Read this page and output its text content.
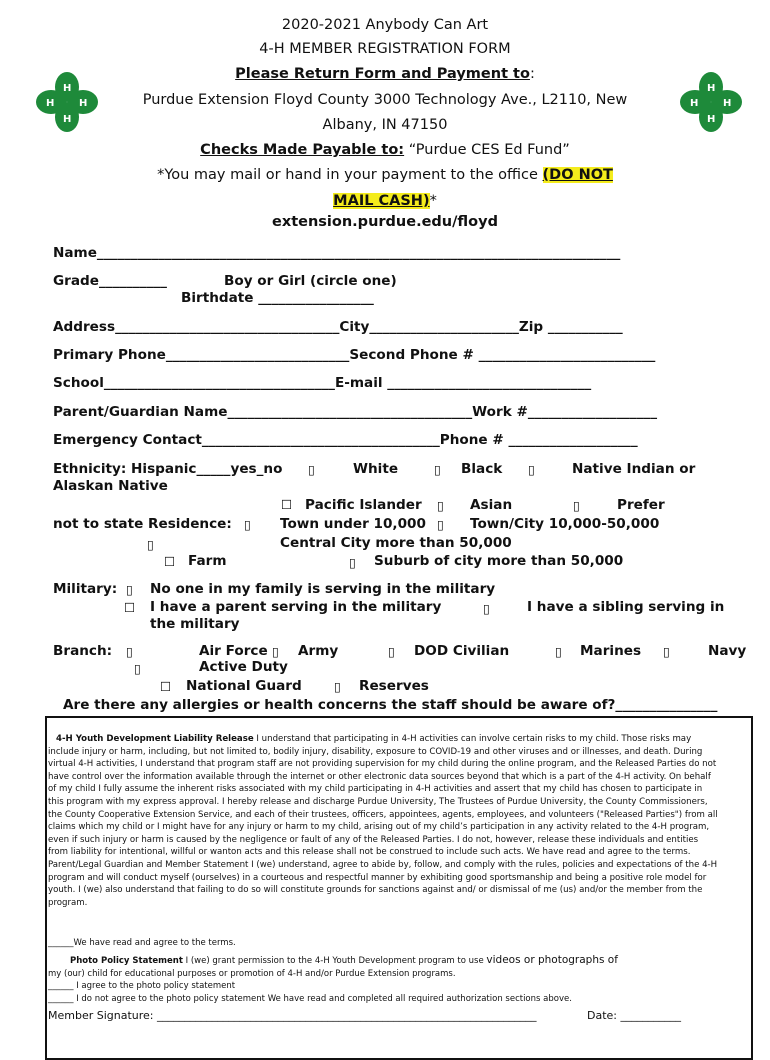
H
H
H H
H
H
H H
2020-2021 Anybody Can Art
4-H MEMBER REGISTRATION FORM
Please Return Form and Payment to:
Purdue Extension Floyd County 3000 Technology Ave., L2110, New
Albany, IN 47150
Checks Made Payable to: “Purdue CES Ed Fund”
*You may mail or hand in your payment to the office (DO NOT
MAIL CASH)*
extension.purdue.edu/floyd
Name_____________________________________________________________________________
Grade__________	Boy or Girl (circle one)
Birthdate _________________
Address_________________________________City______________________Zip ___________
Primary Phone___________________________Second Phone # __________________________
School__________________________________E-mail ______________________________
Parent/Guardian Name____________________________________Work #___________________
Emergency Contact___________________________________Phone # ___________________
Ethnicity: Hispanic_____yes_no ▯	White	▯ Black ▯	Native Indian or
Alaskan Native
☐ Pacific Islander ▯ Asian	▯	Prefer
not to state Residence: ▯ Town under 10,000 ▯ Town/City 10,000-50,000
▯	Central City more than 50,000
☐ Farm	▯ Suburb of city more than 50,000
Military: ▯ No one in my family is serving in the military
☐ I have a parent serving in the military	▯	I have a sibling serving in
the military
Branch: ▯	Air Force ▯ Army	▯ DOD Civilian	▯ Marines ▯	Navy
▯	Active Duty
☐ National Guard	▯ Reserves
Are there any allergies or health concerns the staff should be aware of?_______________
4-H Youth Development Liability Release I understand that participating in 4-H activities can involve certain risks to my child. Those risks may include injury or harm, including, but not limited to, bodily injury, disability, exposure to COVID-19 and other viruses and or illnesses, and death. During virtual 4-H activities, I understand that program staff are not providing supervision for my child during the online program, and the Released Parties do not have control over the information available through the internet or other electronic data sources beyond that which is a part of the 4-H activity. On behalf of my child I fully assume the inherent risks associated with my child participating in 4-H activities and assert that my child has chosen to participate in this program with my express approval. I hereby release and discharge Purdue University, The Trustees of Purdue University, the County Commissioners, the County Cooperative Extension Service, and each of their trustees, officers, appointees, agents, employees, and volunteers ("Released Parties") from all claims which my child or I might have for any injury or harm to my child, arising out of my child’s participation in any activity related to the 4-H program, even if such injury or harm is caused by the negligence or fault of any of the Released Parties. I do not, however, release these individuals and entities from liability for intentional, willful or wanton acts and this release shall not be construed to include such acts. We have read and agree to the terms. Parent/Legal Guardian and Member Statement I (we) understand, agree to abide by, follow, and comply with the rules, policies and expectations of the 4-H program and will conduct myself (ourselves) in a courteous and respectful manner by exhibiting good sportsmanship and being a positive role model for youth. I (we) also understand that failing to do so will constitute grounds for sanctions against and/ or dismissal of me (us) and/or the member from the program.
______We have read and agree to the terms.
Photo Policy Statement I (we) grant permission to the 4-H Youth Development program to use videos or photographs of
my (our) child for educational purposes or promotion of 4-H and/or Purdue Extension programs.
______ I agree to the photo policy statement
______ I do not agree to the photo policy statement We have read and completed all required authorization sections above.
Member Signature: _____________________________________________________________________	Date: ___________
